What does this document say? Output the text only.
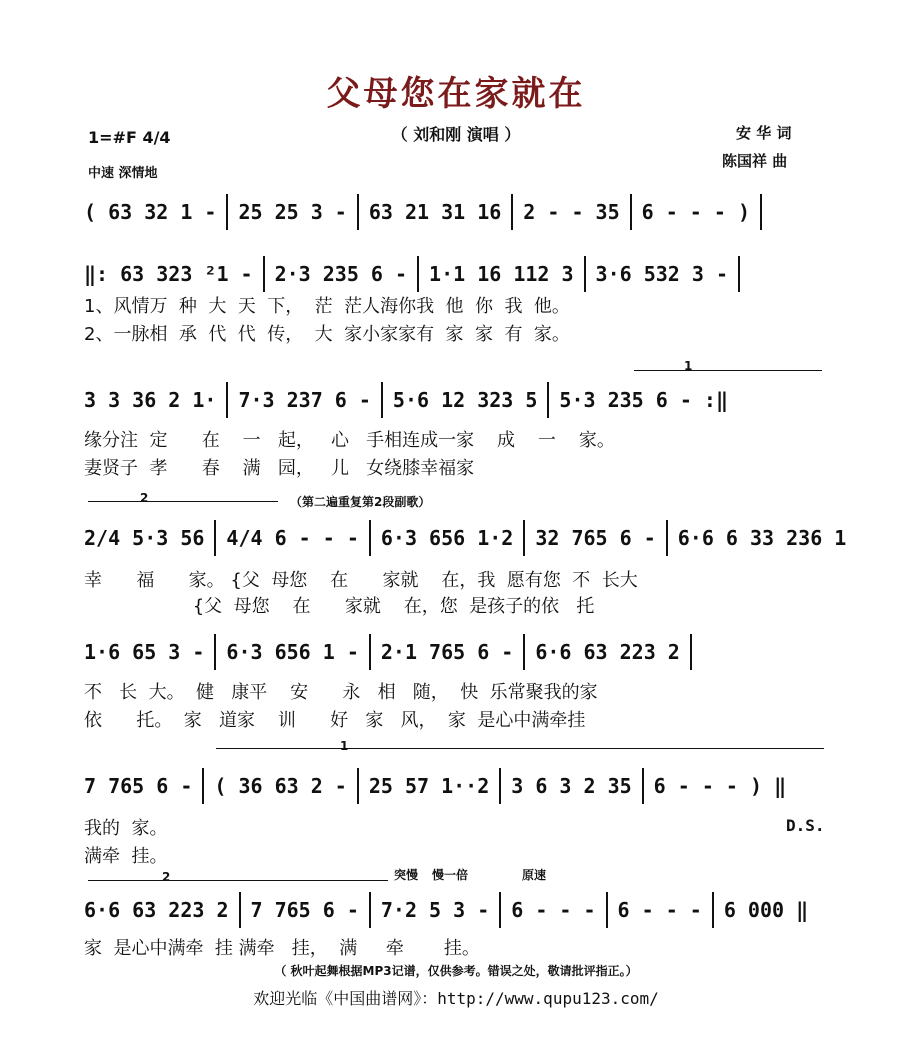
父母您在家就在
（ 刘和刚 演唱 ）	安 华 词
陈国祥 曲
1=#F 4/4
中速 深情地
( 63 32 1 - 25 25 3 - 63 21 31 16 2 - - 35 6 - - - )
‖: 63 323 ²1 - 2·3 235 6 - 1·1 16 112 3 3·6 532 3 -
1、风情万  种  大  天  下，  茫  茫人海你我  他  你  我  他。
2、一脉相  承  代  代  传，  大  家小家家有  家  家  有  家。
1
3 3 36 2 1· 7·3 237 6 - 5·6 12 323 5 5·3 235 6 - :‖
缘分注  定      在    一   起，   心   手相连成一家    成    一    家。
妻贤子  孝      春    满   园，   儿   女绕膝幸福家
2	（第二遍重复第2段副歌）
2/4 5·3 56 4/4 6 - - - 6·3 656 1·2 32 765 6 - 6·6 6 33 236 1
幸      福      家。 {父  母您    在      家就    在，我  愿有您  不  长大
{父  母您    在      家就    在，您  是孩子的依   托
1·6 65 3 - 6·3 656 1 - 2·1 765 6 - 6·6 63 223 2
不   长  大。  健   康平    安      永   相   随，  快  乐常聚我的家
依      托。  家   道家    训      好   家   风，  家  是心中满牵挂
1
7 765 6 - ( 36 63 2 - 25 57 1··2 3 6 3 2 35 6 - - - ) ‖
我的  家。
满牵  挂。
D.S.
2	突慢 慢一倍	原速
6·6 63 223 2 7 765 6 - 7·2 5 3 - 6 - - - 6 - - - 6 000 ‖
家  是心中满牵  挂 满牵   挂，  满     牵       挂。
（ 秋叶起舞根据MP3记谱，仅供参考。错误之处，敬请批评指正。）
欢迎光临《中国曲谱网》：http://www.qupu123.com/
